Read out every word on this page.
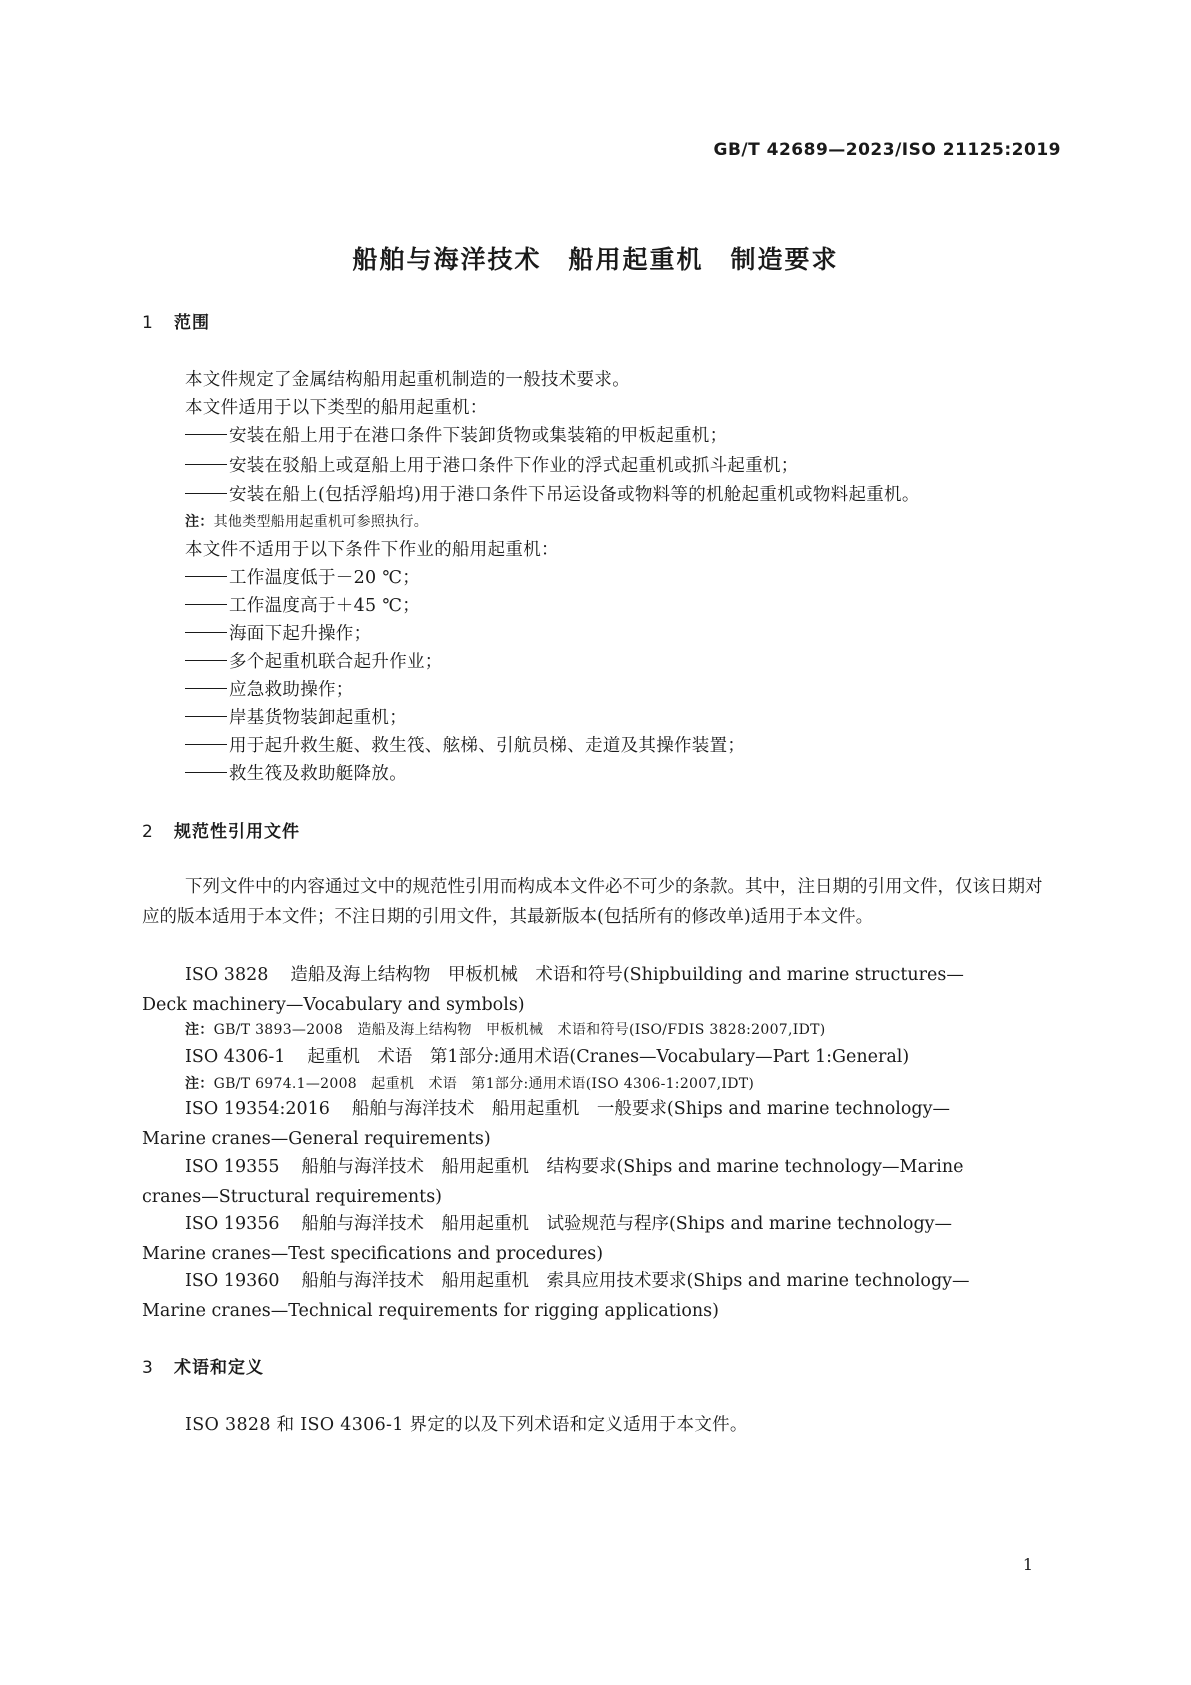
GB/T 42689—2023/ISO 21125:2019
船舶与海洋技术　船用起重机　制造要求
1 范围
本文件规定了金属结构船用起重机制造的一般技术要求。
本文件适用于以下类型的船用起重机：
安装在船上用于在港口条件下装卸货物或集装箱的甲板起重机；
安装在驳船上或趸船上用于港口条件下作业的浮式起重机或抓斗起重机；
安装在船上(包括浮船坞)用于港口条件下吊运设备或物料等的机舱起重机或物料起重机。
注：其他类型船用起重机可参照执行。
本文件不适用于以下条件下作业的船用起重机：
工作温度低于－20 ℃；
工作温度高于＋45 ℃；
海面下起升操作；
多个起重机联合起升作业；
应急救助操作；
岸基货物装卸起重机；
用于起升救生艇、救生筏、舷梯、引航员梯、走道及其操作装置；
救生筏及救助艇降放。
2 规范性引用文件
下列文件中的内容通过文中的规范性引用而构成本文件必不可少的条款。其中，注日期的引用文件，仅该日期对应的版本适用于本文件；不注日期的引用文件，其最新版本(包括所有的修改单)适用于本文件。
ISO 3828 造船及海上结构物　甲板机械　术语和符号(Shipbuilding and marine structures—
Deck machinery—Vocabulary and symbols)
注：GB/T 3893—2008　造船及海上结构物　甲板机械　术语和符号(ISO/FDIS 3828:2007,IDT)
ISO 4306-1 起重机　术语　第1部分:通用术语(Cranes—Vocabulary—Part 1:General)
注：GB/T 6974.1—2008　起重机　术语　第1部分:通用术语(ISO 4306-1:2007,IDT)
ISO 19354:2016 船舶与海洋技术　船用起重机　一般要求(Ships and marine technology—
Marine cranes—General requirements)
ISO 19355 船舶与海洋技术　船用起重机　结构要求(Ships and marine technology—Marine
cranes—Structural requirements)
ISO 19356 船舶与海洋技术　船用起重机　试验规范与程序(Ships and marine technology—
Marine cranes—Test specifications and procedures)
ISO 19360 船舶与海洋技术　船用起重机　索具应用技术要求(Ships and marine technology—
Marine cranes—Technical requirements for rigging applications)
3 术语和定义
ISO 3828 和 ISO 4306-1 界定的以及下列术语和定义适用于本文件。
1
